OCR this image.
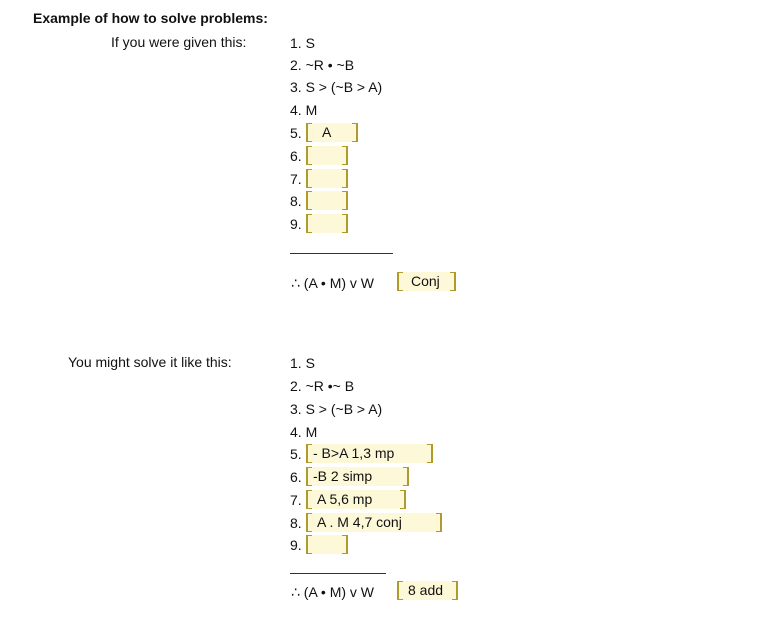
Example of how to solve problems:
If you were given this:	1. S
2. ~R • ~B
3. S > (~B > A)
4. M
5.	A
6.
7.
8.
9.
∴ (A • M) v W	Conj
You might solve it like this:	1. S
2. ~R •~ B
3. S > (~B > A)
4. M
5. - B>A 1,3 mp
6. -B 2 simp
7.	A 5,6 mp
8.	A . M 4,7 conj
9.
∴ (A • M) v W	8 add
